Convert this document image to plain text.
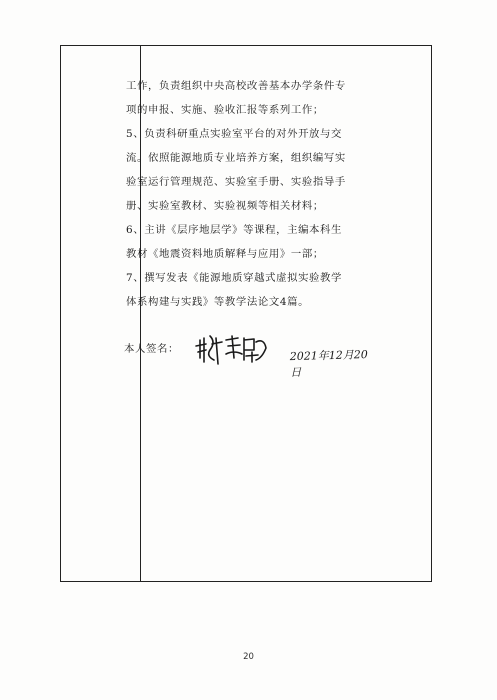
工作，负责组织中央高校改善基本办学条件专项的申报、实施、验收汇报等系列工作；

5、负责科研重点实验室平台的对外开放与交流。依照能源地质专业培养方案，组织编写实验室运行管理规范、实验室手册、实验指导手册、实验室教材、实验视频等相关材料；

6、主讲《层序地层学》等课程，主编本科生教材《地震资料地质解释与应用》一部；

7、撰写发表《能源地质穿越式虚拟实验教学体系构建与实践》等教学法论文4篇。

本人签名：	2021年12月20日
20
